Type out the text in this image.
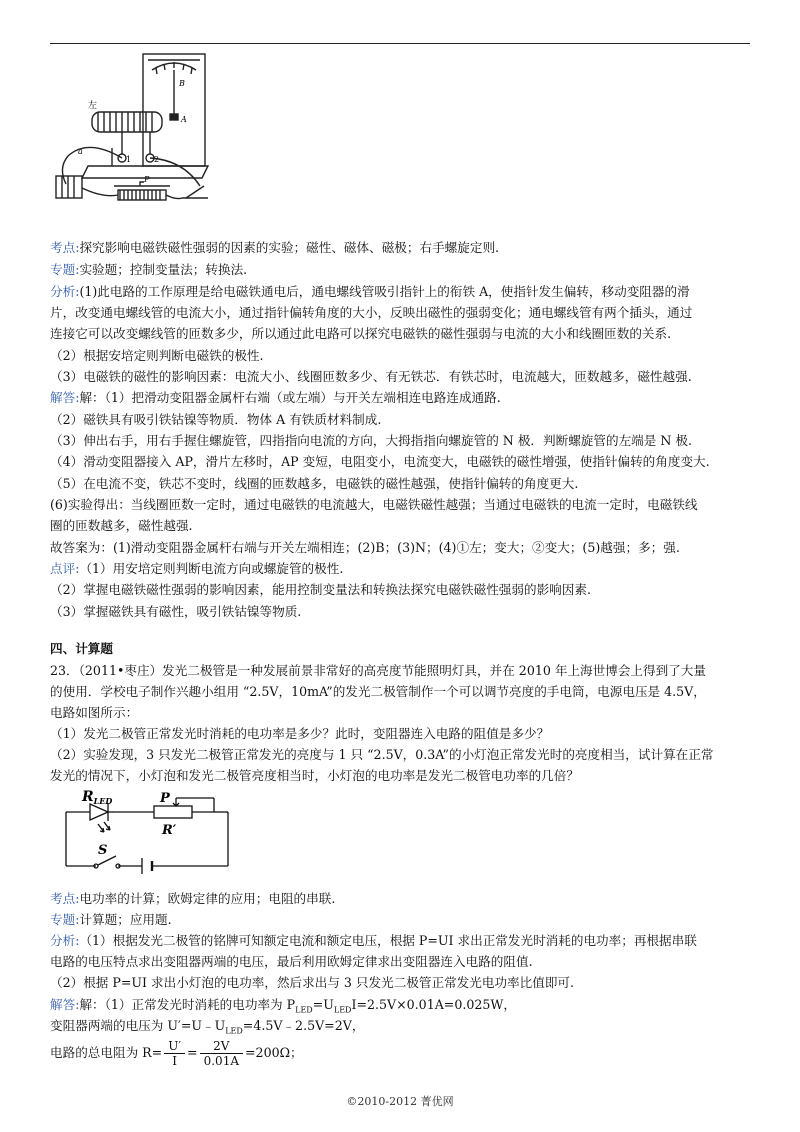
左
B
A
a
1	2
P
考点:探究影响电磁铁磁性强弱的因素的实验；磁性、磁体、磁极；右手螺旋定则.
专题:实验题；控制变量法；转换法.
分析:(1)此电路的工作原理是给电磁铁通电后，通电螺线管吸引指针上的衔铁 A，使指针发生偏转，移动变阻器的滑
片，改变通电螺线管的电流大小，通过指针偏转角度的大小，反映出磁性的强弱变化；通电螺线管有两个插头，通过
连接它可以改变螺线管的匝数多少，所以通过此电路可以探究电磁铁的磁性强弱与电流的大小和线圈匝数的关系.
（2）根据安培定则判断电磁铁的极性.
（3）电磁铁的磁性的影响因素：电流大小、线圈匝数多少、有无铁芯．有铁芯时，电流越大，匝数越多，磁性越强.
解答:解：（1）把滑动变阻器金属杆右端（或左端）与开关左端相连电路连成通路.
（2）磁铁具有吸引铁钴镍等物质．物体 A 有铁质材料制成.
（3）伸出右手，用右手握住螺旋管，四指指向电流的方向，大拇指指向螺旋管的 N 极．判断螺旋管的左端是 N 极.
（4）滑动变阻器接入 AP，滑片左移时，AP 变短，电阻变小，电流变大，电磁铁的磁性增强，使指针偏转的角度变大.
（5）在电流不变，铁芯不变时，线圈的匝数越多，电磁铁的磁性越强，使指针偏转的角度更大.
(6)实验得出：当线圈匝数一定时，通过电磁铁的电流越大，电磁铁磁性越强；当通过电磁铁的电流一定时，电磁铁线
圈的匝数越多，磁性越强.
故答案为：(1)滑动变阻器金属杆右端与开关左端相连；(2)B；(3)N；(4)①左；变大；②变大；(5)越强；多；强.
点评:（1）用安培定则判断电流方向或螺旋管的极性.
（2）掌握电磁铁磁性强弱的影响因素，能用控制变量法和转换法探究电磁铁磁性强弱的影响因素.
（3）掌握磁铁具有磁性，吸引铁钴镍等物质.
四、计算题
23．（2011•枣庄）发光二极管是一种发展前景非常好的高亮度节能照明灯具，并在 2010 年上海世博会上得到了大量
的使用．学校电子制作兴趣小组用 “2.5V，10mA”的发光二极管制作一个可以调节亮度的手电筒，电源电压是 4.5V，
电路如图所示：
（1）发光二极管正常发光时消耗的电功率是多少？此时，变阻器连入电路的阻值是多少？
（2）实验发现，3 只发光二极管正常发光的亮度与 1 只 “2.5V，0.3A”的小灯泡正常发光时的亮度相当，试计算在正常
发光的情况下，小灯泡和发光二极管亮度相当时，小灯泡的电功率是发光二极管电功率的几倍？
$R_{LED}$	P
R′
S
考点:电功率的计算；欧姆定律的应用；电阻的串联.
专题:计算题；应用题.
分析:（1）根据发光二极管的铭牌可知额定电流和额定电压，根据 P=UI 求出正常发光时消耗的电功率；再根据串联
电路的电压特点求出变阻器两端的电压，最后利用欧姆定律求出变阻器连入电路的阻值.
（2）根据 P=UI 求出小灯泡的电功率，然后求出与 3 只发光二极管正常发光电功率比值即可.
解答:解：（1）正常发光时消耗的电功率为 $P_{LED}=U_{LED}I=2.5V\times 0.01A=0.025W$，
变阻器两端的电压为 $U'=U﹣U_{LED}=4.5V﹣2.5V=2V$，
电路的总电阻为 $R= \frac{U'}{I} = \frac{2V}{0.01A} =200\Omega$；
©2010-2012 菁优网
